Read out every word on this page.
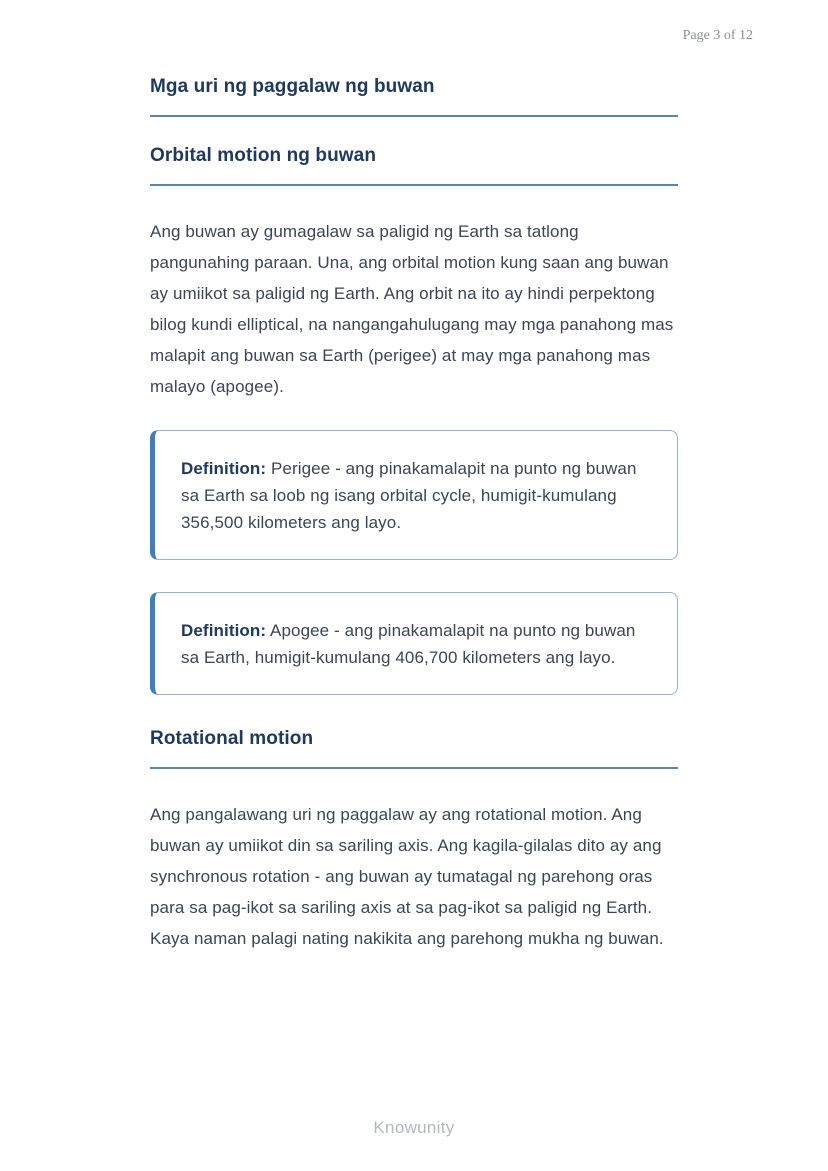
Page 3 of 12
Mga uri ng paggalaw ng buwan
Orbital motion ng buwan

Ang buwan ay gumagalaw sa paligid ng Earth sa tatlong pangunahing paraan. Una, ang orbital motion kung saan ang buwan ay umiikot sa paligid ng Earth. Ang orbit na ito ay hindi perpektong bilog kundi elliptical, na nangangahulugang may mga panahong mas malapit ang buwan sa Earth (perigee) at may mga panahong mas malayo (apogee).

Definition: Perigee - ang pinakamalapit na punto ng buwan sa Earth sa loob ng isang orbital cycle, humigit-kumulang 356,500 kilometers ang layo.

Definition: Apogee - ang pinakamalapit na punto ng buwan sa Earth, humigit-kumulang 406,700 kilometers ang layo.

Rotational motion

Ang pangalawang uri ng paggalaw ay ang rotational motion. Ang buwan ay umiikot din sa sariling axis. Ang kagila-gilalas dito ay ang synchronous rotation - ang buwan ay tumatagal ng parehong oras para sa pag-ikot sa sariling axis at sa pag-ikot sa paligid ng Earth. Kaya naman palagi nating nakikita ang parehong mukha ng buwan.

Knowunity
